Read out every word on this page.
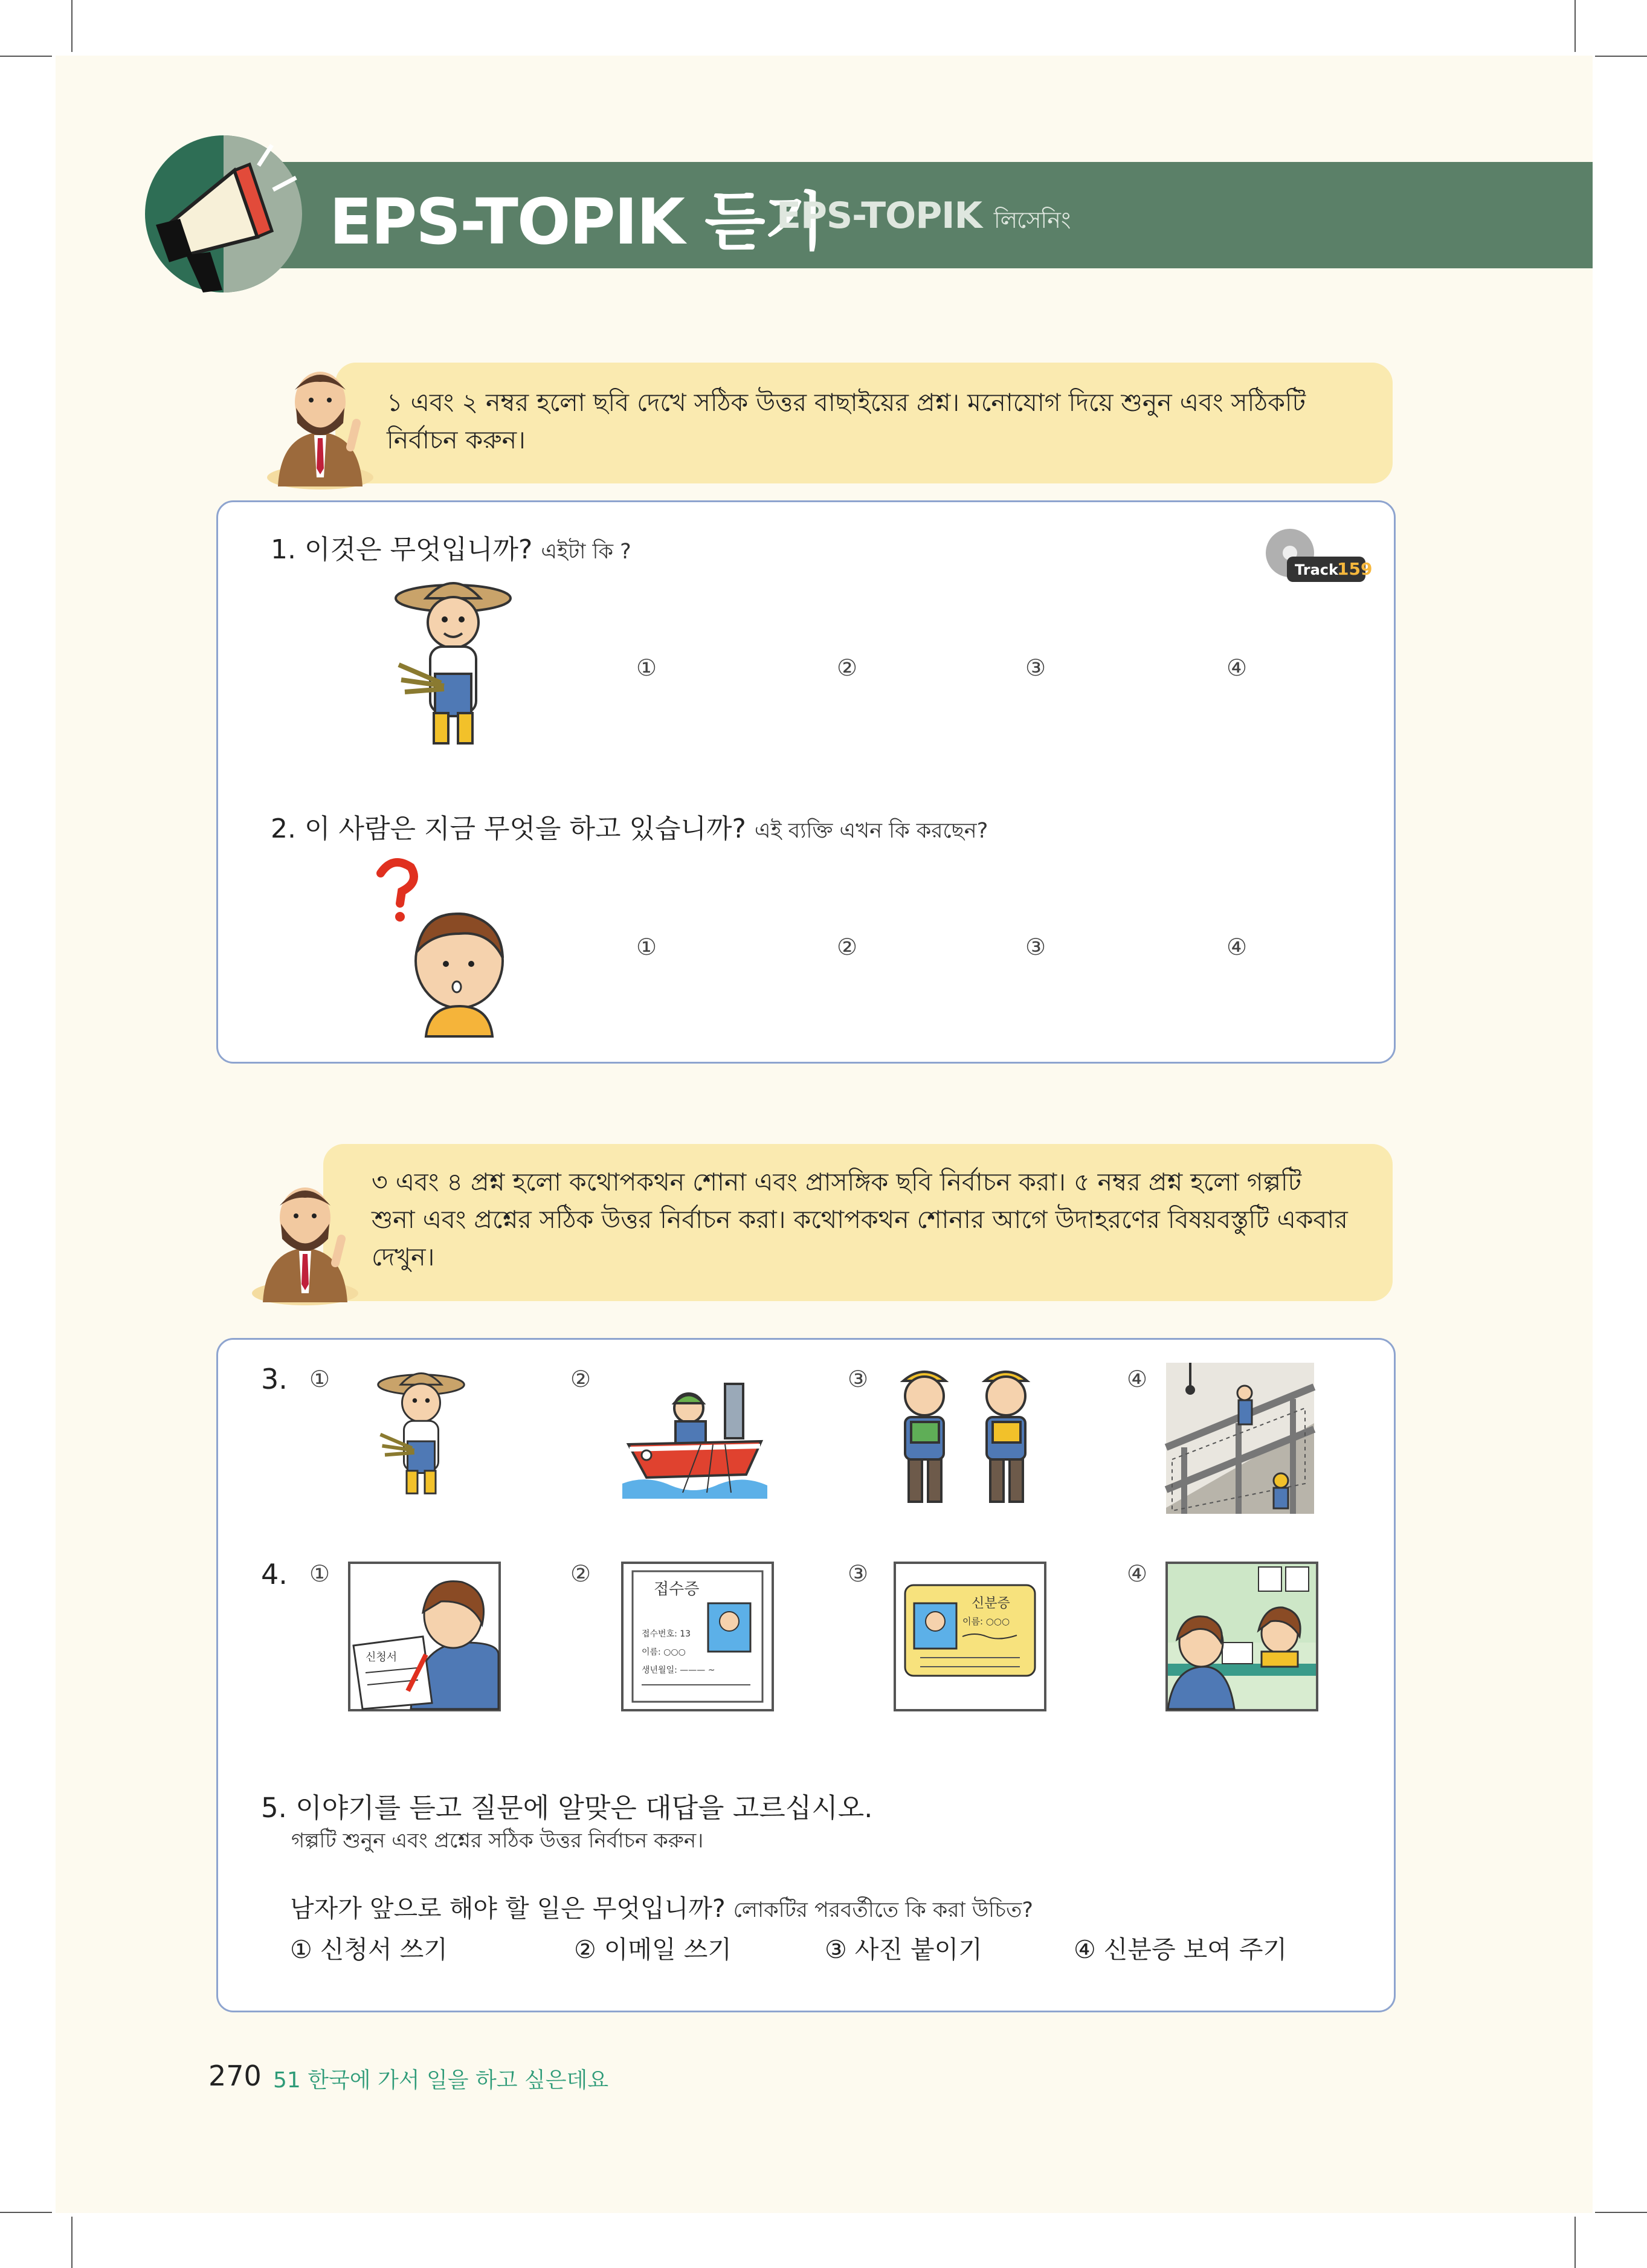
EPS-TOPIK 듣기
EPS-TOPIK লিসেনিং
১ এবং ২ নম্বর হলো ছবি দেখে সঠিক উত্তর বাছাইয়ের প্রশ্ন। মনোযোগ দিয়ে শুনুন এবং সঠিকটি
নির্বাচন করুন।
Track
159
1. 이것은 무엇입니까? এইটা কি ?
①	②	③	④
2. 이 사람은 지금 무엇을 하고 있습니까? এই ব্যক্তি এখন কি করছেন?
①	②	③	④
৩ এবং ৪ প্রশ্ন হলো কথোপকথন শোনা এবং প্রাসঙ্গিক ছবি নির্বাচন করা। ৫ নম্বর প্রশ্ন হলো গল্পটি
শুনা এবং প্রশ্নের সঠিক উত্তর নির্বাচন করা। কথোপকথন শোনার আগে উদাহরণের বিষয়বস্তুটি একবার
দেখুন।
3. ①	②	③	④
4. ①	②	③	④
신청서
접수증
접수번호: 13
이름: ○○○
생년월일: ——— ~
신분증
이름: ○○○
5. 이야기를 듣고 질문에 알맞은 대답을 고르십시오.
গল্পটি শুনুন এবং প্রশ্নের সঠিক উত্তর নির্বাচন করুন।
남자가 앞으로 해야 할 일은 무엇입니까? লোকটির পরবর্তীতে কি করা উচিত?
① 신청서 쓰기	② 이메일 쓰기	③ 사진 붙이기	④ 신분증 보여 주기
270 51 한국에 가서 일을 하고 싶은데요
